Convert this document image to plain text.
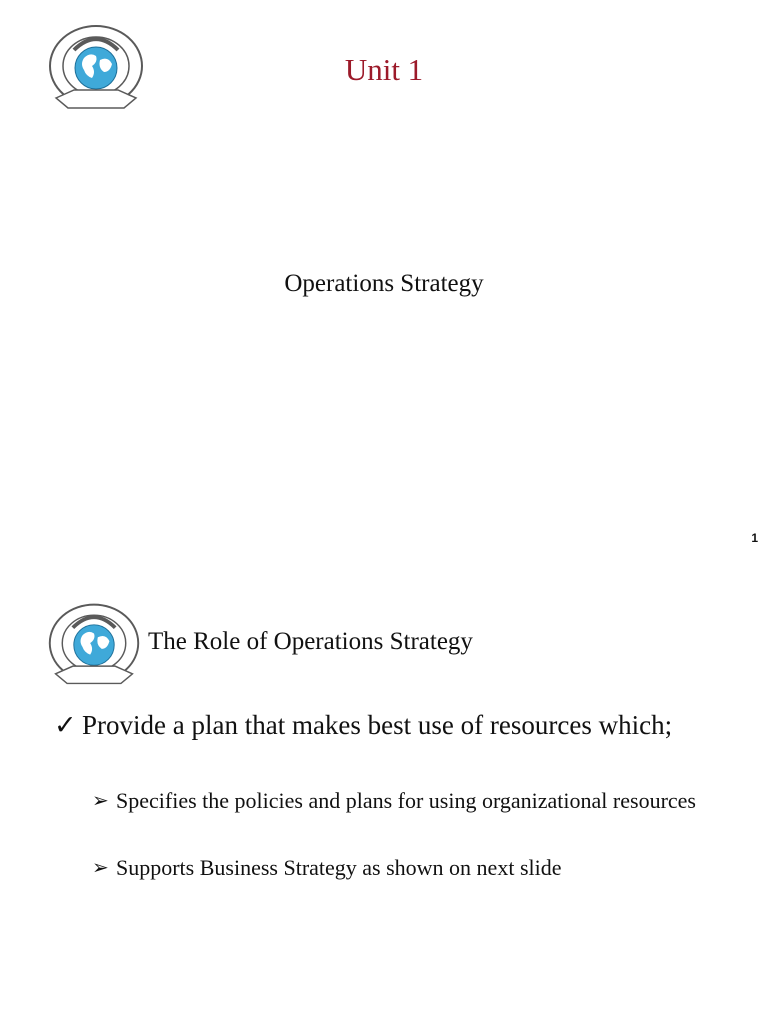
Unit 1
Operations Strategy
1
The Role of Operations Strategy
✓ Provide a plan that makes best use of resources which;
➢ Specifies the policies and plans for using organizational resources
➢ Supports Business Strategy as shown on next slide
